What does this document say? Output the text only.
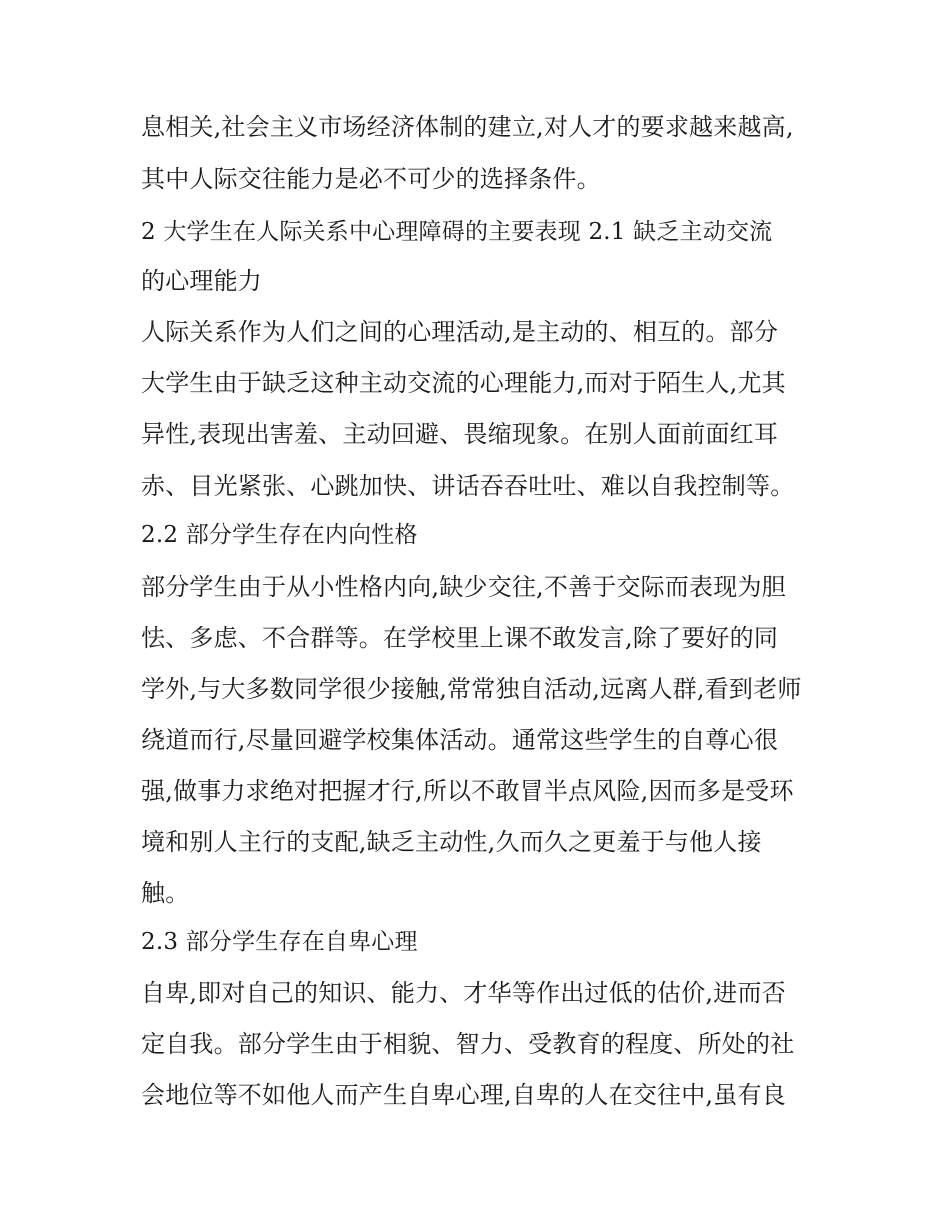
息相关,社会主义市场经济体制的建立,对人才的要求越来越高,
其中人际交往能力是必不可少的选择条件。
2 大学生在人际关系中心理障碍的主要表现 2.1 缺乏主动交流
的心理能力
人际关系作为人们之间的心理活动,是主动的、相互的。部分
大学生由于缺乏这种主动交流的心理能力,而对于陌生人,尤其
异性,表现出害羞、主动回避、畏缩现象。在别人面前面红耳
赤、目光紧张、心跳加快、讲话吞吞吐吐、难以自我控制等。
2.2 部分学生存在内向性格
部分学生由于从小性格内向,缺少交往,不善于交际而表现为胆
怯、多虑、不合群等。在学校里上课不敢发言,除了要好的同
学外,与大多数同学很少接触,常常独自活动,远离人群,看到老师
绕道而行,尽量回避学校集体活动。通常这些学生的自尊心很
强,做事力求绝对把握才行,所以不敢冒半点风险,因而多是受环
境和别人主行的支配,缺乏主动性,久而久之更羞于与他人接
触。
2.3 部分学生存在自卑心理
自卑,即对自己的知识、能力、才华等作出过低的估价,进而否
定自我。部分学生由于相貌、智力、受教育的程度、所处的社
会地位等不如他人而产生自卑心理,自卑的人在交往中,虽有良
